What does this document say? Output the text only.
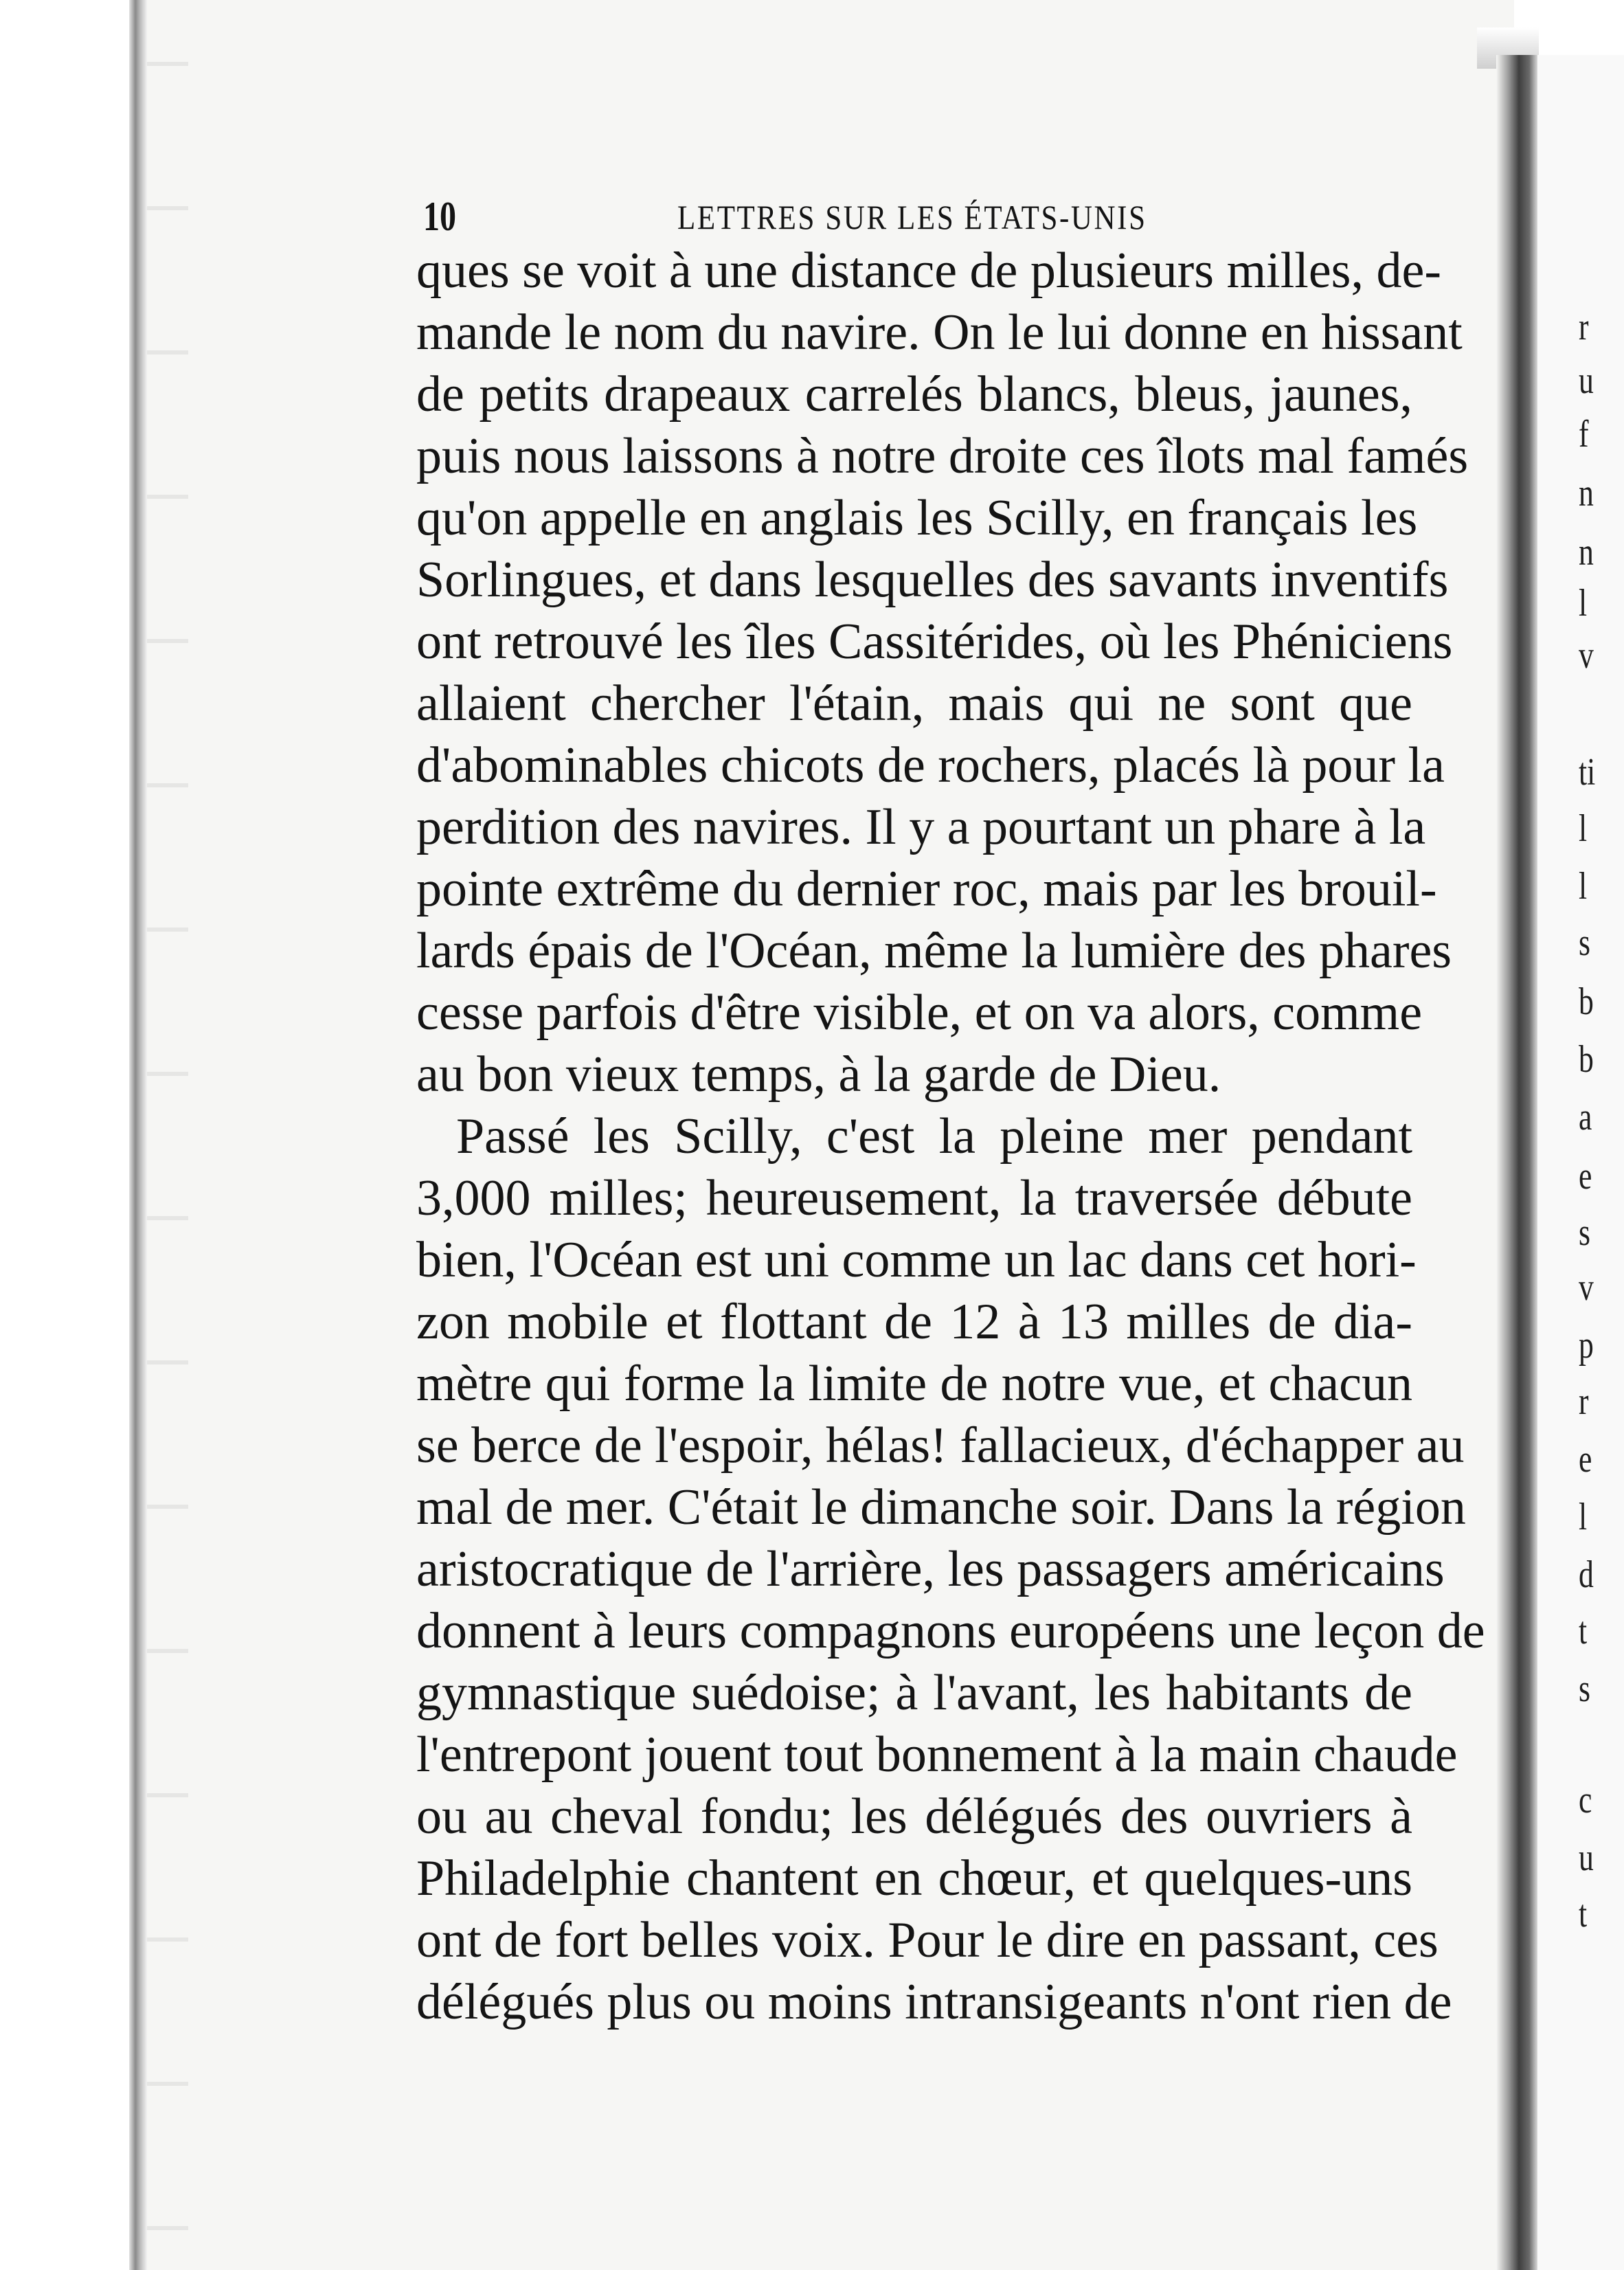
10	LETTRES SUR LES ÉTATS-UNIS
ques se voit à une distance de plusieurs milles, de-
mande le nom du navire. On le lui donne en hissant
de petits drapeaux carrelés blancs, bleus, jaunes,
puis nous laissons à notre droite ces îlots mal famés
qu'on appelle en anglais les Scilly, en français les
Sorlingues, et dans lesquelles des savants inventifs
ont retrouvé les îles Cassitérides, où les Phéniciens
allaient chercher l'étain, mais qui ne sont que
d'abominables chicots de rochers, placés là pour la
perdition des navires. Il y a pourtant un phare à la
pointe extrême du dernier roc, mais par les brouil-
lards épais de l'Océan, même la lumière des phares
cesse parfois d'être visible, et on va alors, comme
au bon vieux temps, à la garde de Dieu.
Passé les Scilly, c'est la pleine mer pendant
3,000 milles; heureusement, la traversée débute
bien, l'Océan est uni comme un lac dans cet hori-
zon mobile et flottant de 12 à 13 milles de dia-
mètre qui forme la limite de notre vue, et chacun
se berce de l'espoir, hélas! fallacieux, d'échapper au
mal de mer. C'était le dimanche soir. Dans la région
aristocratique de l'arrière, les passagers américains
donnent à leurs compagnons européens une leçon de
gymnastique suédoise; à l'avant, les habitants de
l'entrepont jouent tout bonnement à la main chaude
ou au cheval fondu; les délégués des ouvriers à
Philadelphie chantent en chœur, et quelques-uns
ont de fort belles voix. Pour le dire en passant, ces
délégués plus ou moins intransigeants n'ont rien de
r
u
f
n
n
l
v
ti
l
l
s
b
b
a
e
s
v
p
r
e
l
d
t
s
c
u
t
